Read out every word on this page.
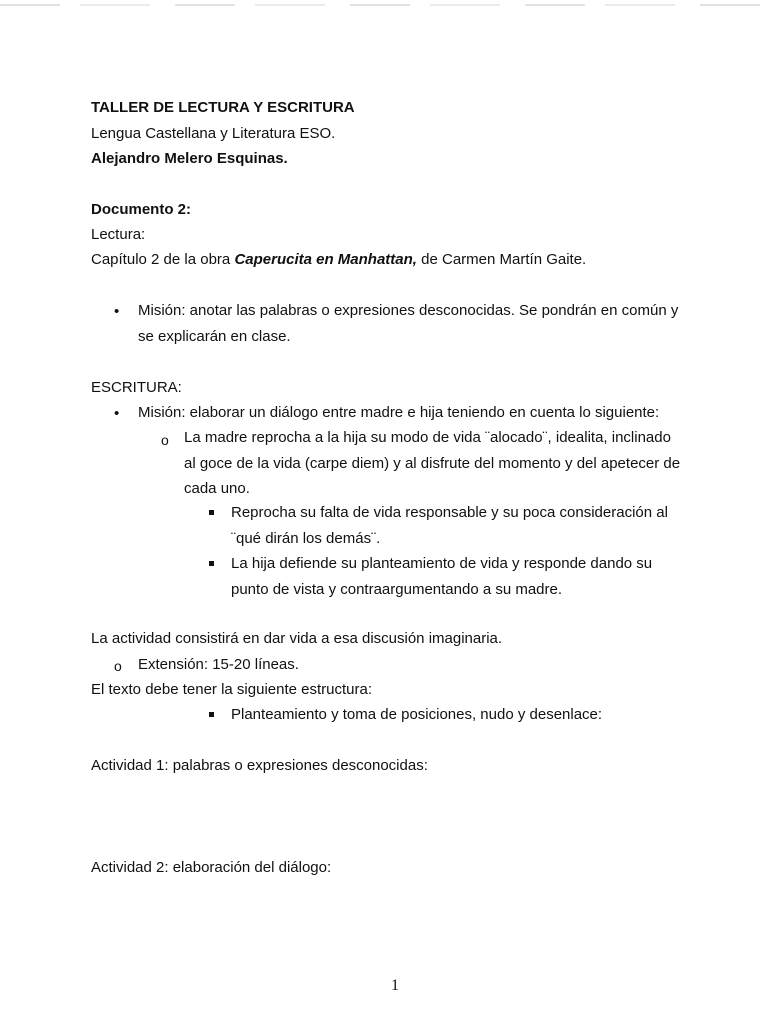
TALLER DE LECTURA Y ESCRITURA
Lengua Castellana y Literatura ESO.
Alejandro Melero Esquinas.
Documento 2:
Lectura:
Capítulo 2 de la obra Caperucita en Manhattan, de Carmen Martín Gaite.
• Misión: anotar las palabras o expresiones desconocidas. Se pondrán en común y
se explicarán en clase.
ESCRITURA:
• Misión: elaborar un diálogo entre madre e hija teniendo en cuenta lo siguiente:
o La madre reprocha a la hija su modo de vida ¨alocado¨, idealita, inclinado
al goce de la vida (carpe diem) y al disfrute del momento y del apetecer de
cada uno.
Reprocha su falta de vida responsable y su poca consideración al
¨qué dirán los demás¨.
La hija defiende su planteamiento de vida y responde dando su
punto de vista y contraargumentando a su madre.
La actividad consistirá en dar vida a esa discusión imaginaria.
o Extensión: 15-20 líneas.
El texto debe tener la siguiente estructura:
Planteamiento y toma de posiciones, nudo y desenlace:
Actividad 1: palabras o expresiones desconocidas:
Actividad 2: elaboración del diálogo:
1
